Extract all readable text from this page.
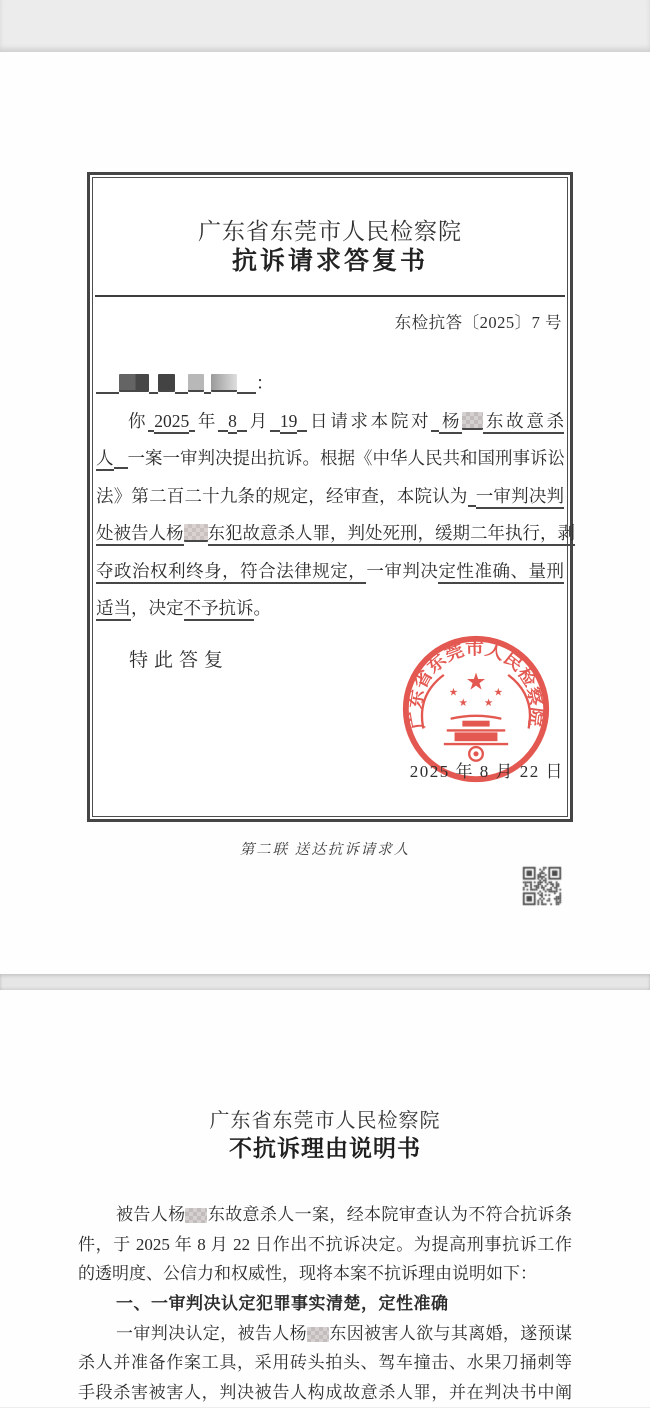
广东省东莞市人民检察院
抗诉请求答复书
东检抗答〔2025〕7 号
：
你 2025 年 8 月 19 日请求本院对 杨 东故意杀
人 一案一审判决提出抗诉。根据《中华人民共和国刑事诉讼
法》第二百二十九条的规定，经审查，本院认为 一审判决判
处被告人杨 东犯故意杀人罪，判处死刑，缓期二年执行，剥
夺政治权利终身，符合法律规定，一审判决定性准确、量刑
适当，决定不予抗诉。
特此答复
广东省东莞市人民检察院
★
★	★
★ ★
2025 年 8 月 22 日
第二联 送达抗诉请求人
广东省东莞市人民检察院
不抗诉理由说明书
被告人杨 东故意杀人一案，经本院审查认为不符合抗诉条
件，于 2025 年 8 月 22 日作出不抗诉决定。为提高刑事抗诉工作
的透明度、公信力和权威性，现将本案不抗诉理由说明如下：
一、一审判决认定犯罪事实清楚，定性准确
一审判决认定，被告人杨 东因被害人欲与其离婚，遂预谋
杀人并准备作案工具，采用砖头拍头、驾车撞击、水果刀捅刺等
手段杀害被害人，判决被告人构成故意杀人罪，并在判决书中阐
